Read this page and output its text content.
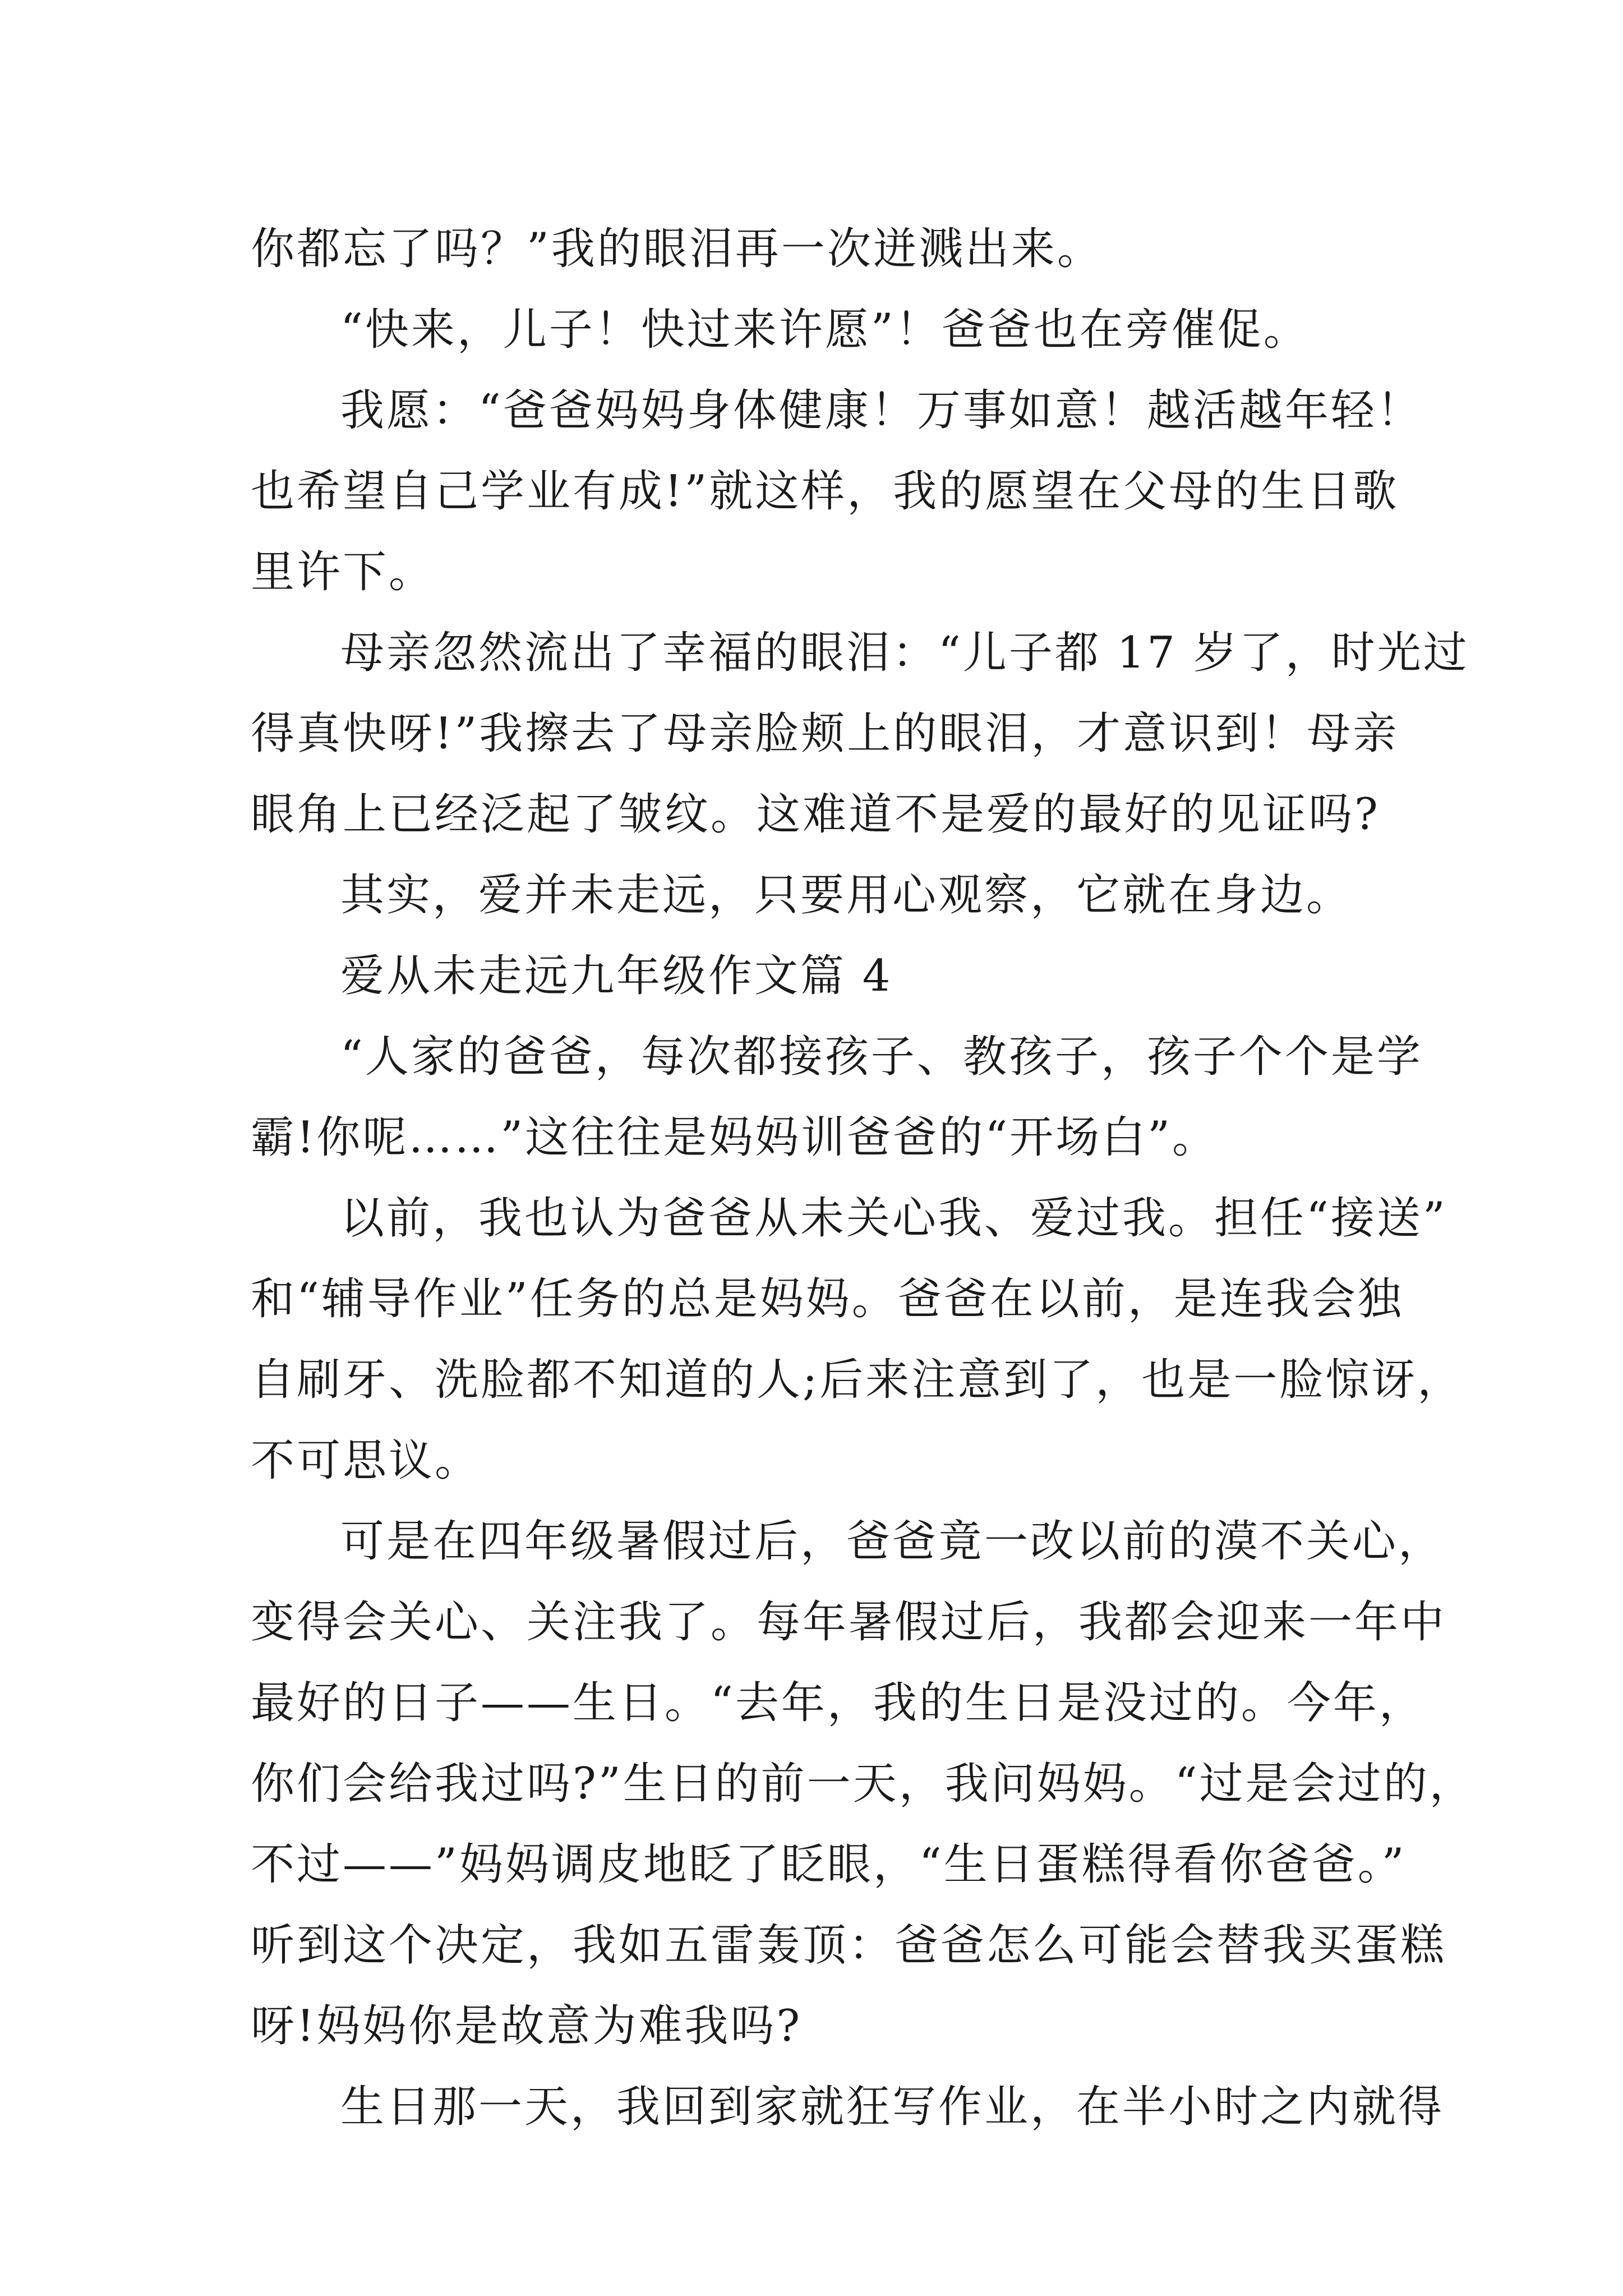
你都忘了吗？”我的眼泪再一次迸溅出来。
“快来，儿子！快过来许愿”！爸爸也在旁催促。
我愿：“爸爸妈妈身体健康！万事如意！越活越年轻！
也希望自己学业有成!”就这样，我的愿望在父母的生日歌
里许下。
母亲忽然流出了幸福的眼泪：“儿子都 17 岁了，时光过
得真快呀!”我擦去了母亲脸颊上的眼泪，才意识到！母亲
眼角上已经泛起了皱纹。这难道不是爱的最好的见证吗?
其实，爱并未走远，只要用心观察，它就在身边。
爱从未走远九年级作文篇 4
“人家的爸爸，每次都接孩子、教孩子，孩子个个是学
霸!你呢……”这往往是妈妈训爸爸的“开场白”。
以前，我也认为爸爸从未关心我、爱过我。担任“接送”
和“辅导作业”任务的总是妈妈。爸爸在以前，是连我会独
自刷牙、洗脸都不知道的人;后来注意到了，也是一脸惊讶，
不可思议。
可是在四年级暑假过后，爸爸竟一改以前的漠不关心，
变得会关心、关注我了。每年暑假过后，我都会迎来一年中
最好的日子——生日。“去年，我的生日是没过的。今年，
你们会给我过吗?”生日的前一天，我问妈妈。“过是会过的，
不过——”妈妈调皮地眨了眨眼，“生日蛋糕得看你爸爸。”
听到这个决定，我如五雷轰顶：爸爸怎么可能会替我买蛋糕
呀!妈妈你是故意为难我吗?
生日那一天，我回到家就狂写作业，在半小时之内就得
